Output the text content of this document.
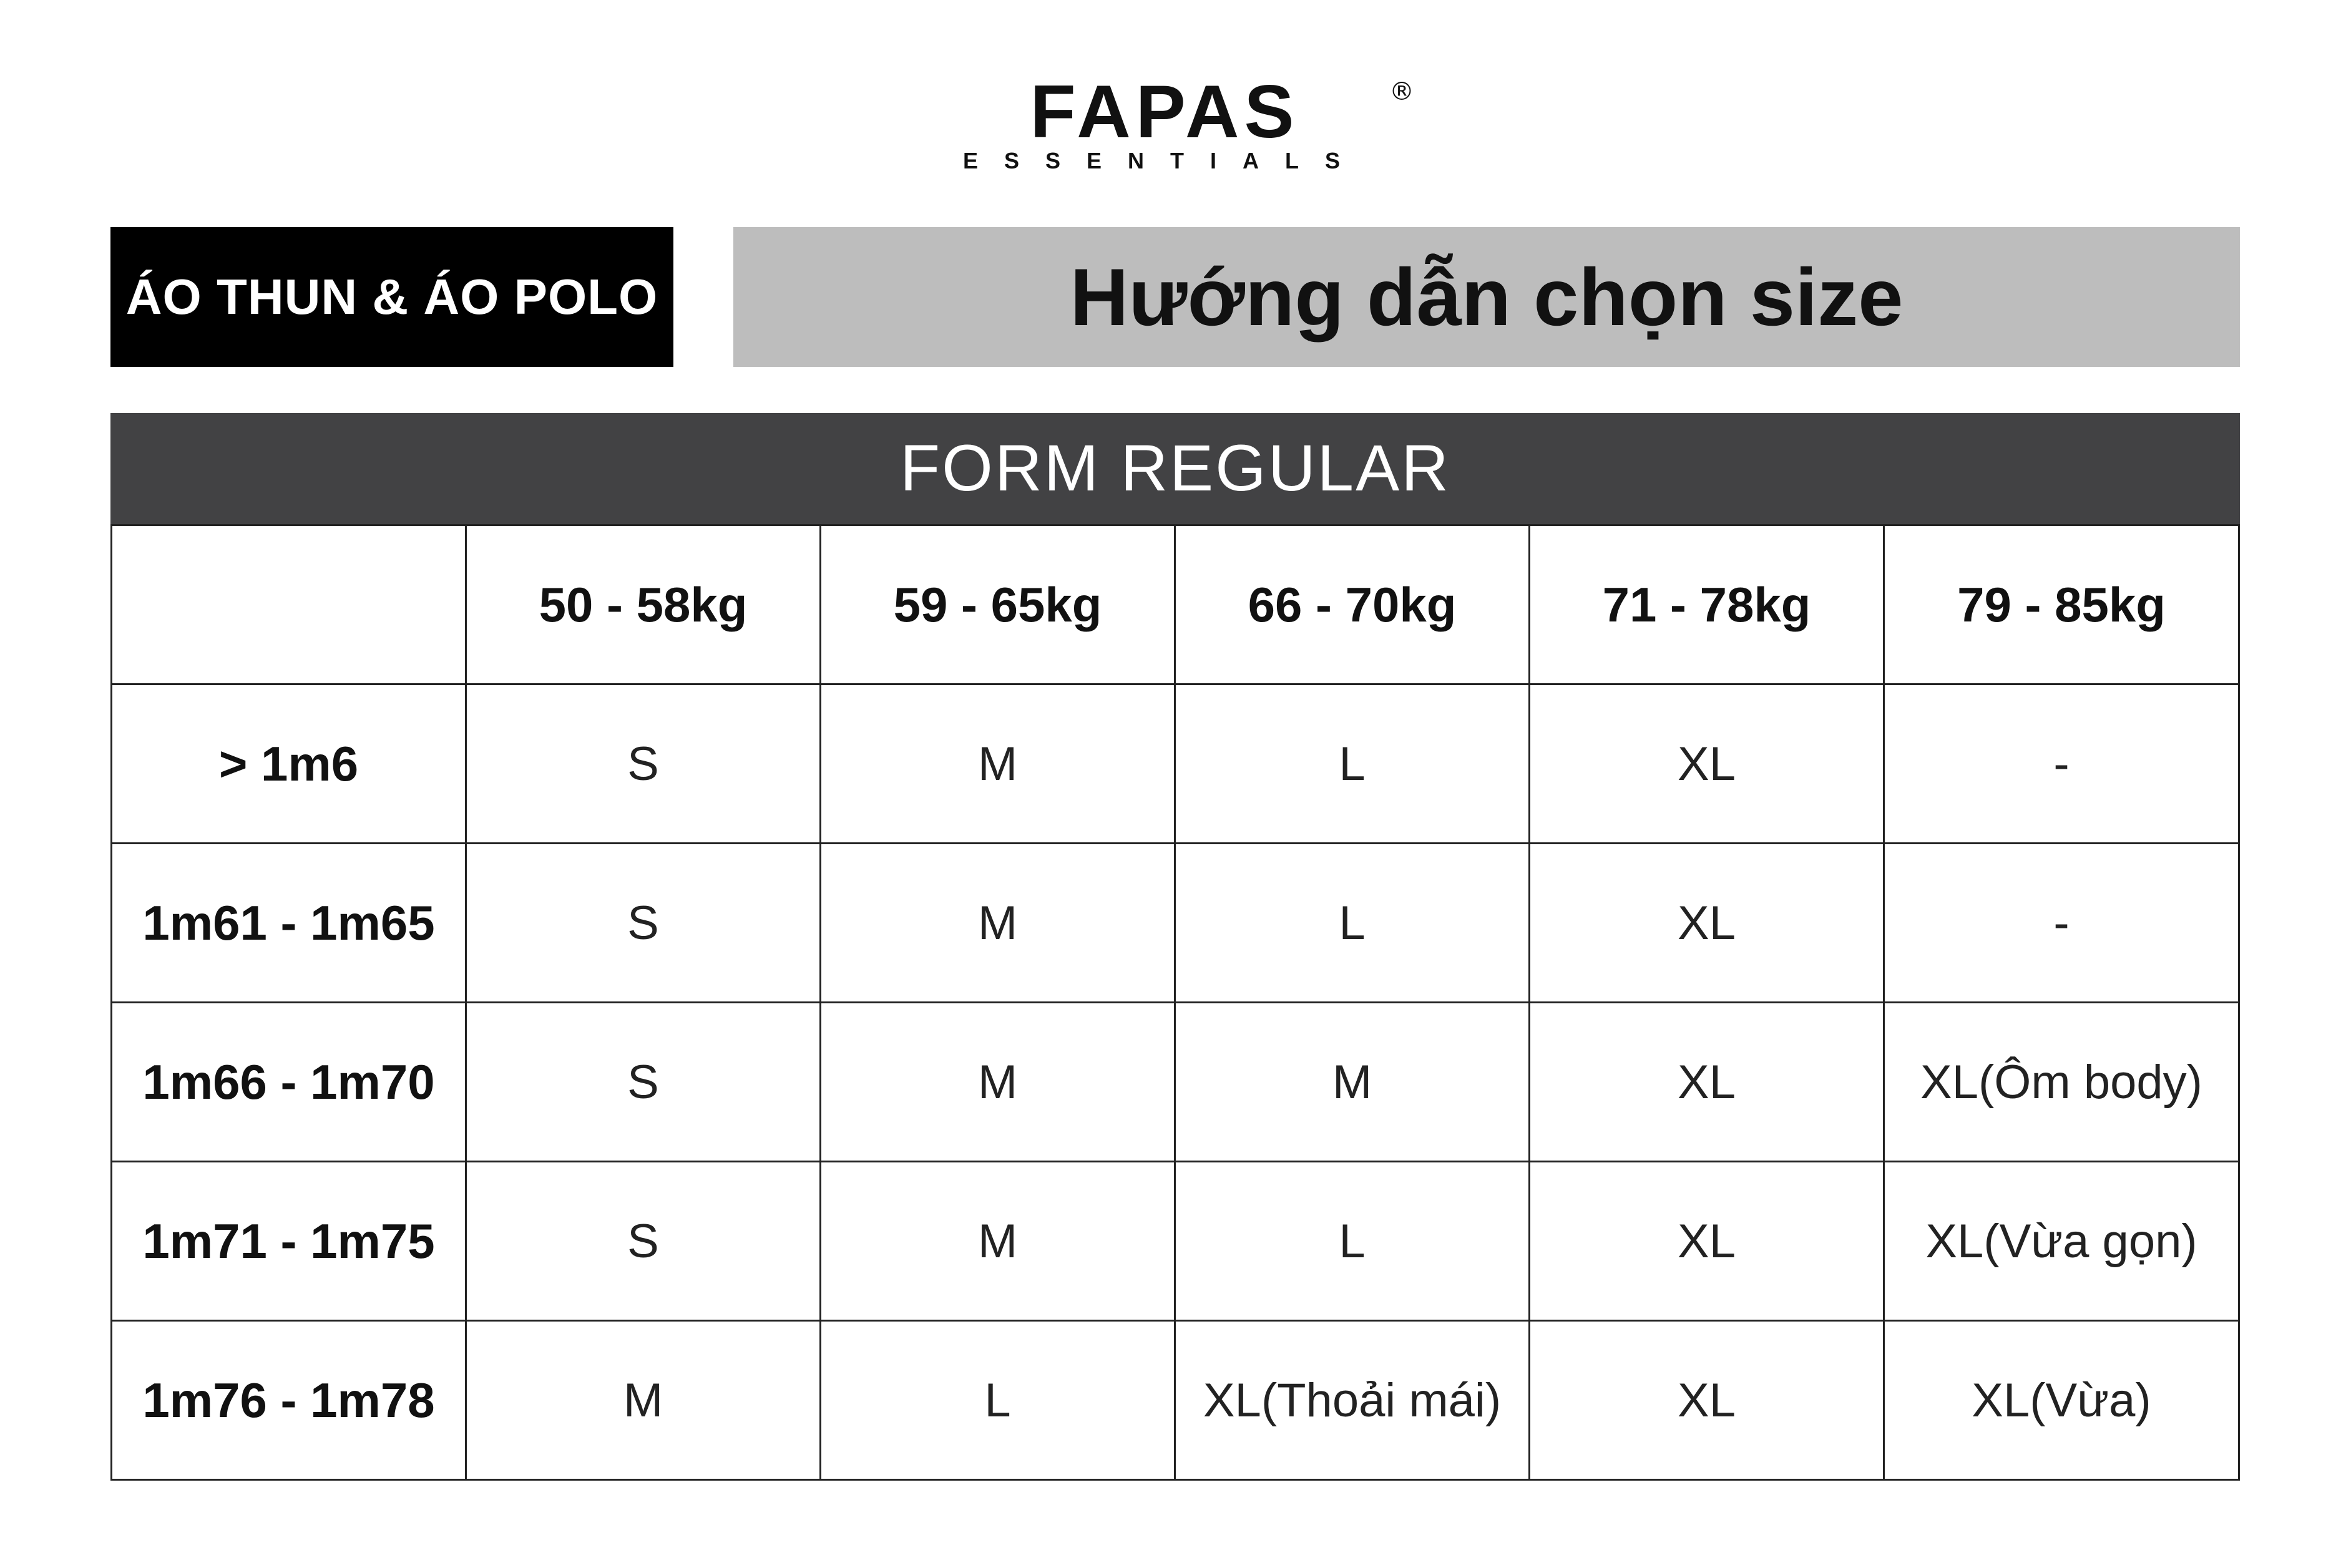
FAPAS	®
ESSENTIALS
ÁO THUN & ÁO POLO	Hướng dẫn chọn size
FORM REGULAR
	50 - 58kg	59 - 65kg	66 - 70kg	71 - 78kg	79 - 85kg
> 1m6	S	M	L	XL	-
1m61 - 1m65	S	M	L	XL	-
1m66 - 1m70	S	M	M	XL	XL(Ôm body)
1m71 - 1m75	S	M	L	XL	XL(Vừa gọn)
1m76 - 1m78	M	L	XL(Thoải mái)	XL	XL(Vừa)
